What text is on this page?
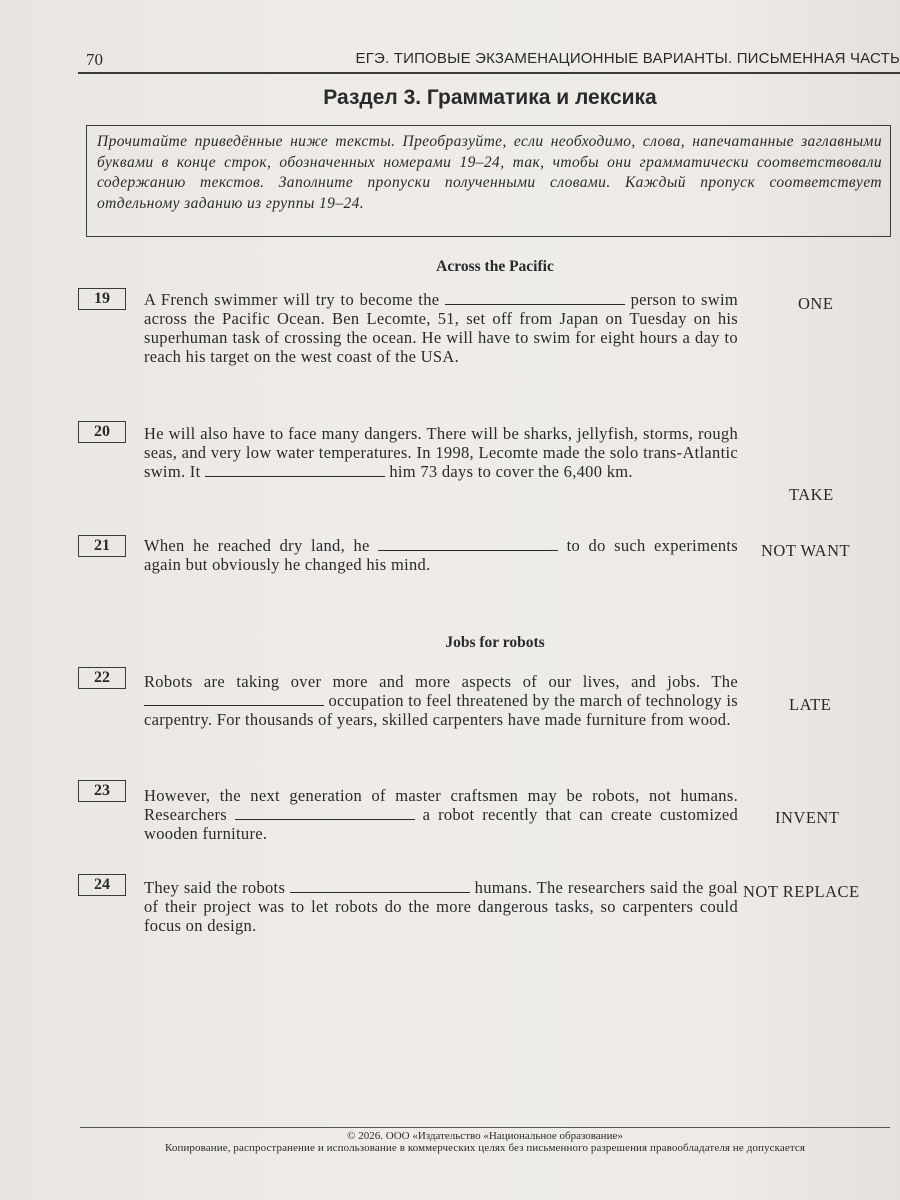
70	ЕГЭ. ТИПОВЫЕ ЭКЗАМЕНАЦИОННЫЕ ВАРИАНТЫ. ПИСЬМЕННАЯ ЧАСТЬ
Раздел 3. Грамматика и лексика
Прочитайте приведённые ниже тексты. Преобразуйте, если необходимо, слова, напечатанные заглавными буквами в конце строк, обозначенных номерами 19–24, так, чтобы они грамматически соответствовали содержанию текстов. Заполните пропуски полученными словами. Каждый пропуск соответствует отдельному заданию из группы 19–24.
Across the Pacific
19	A French swimmer will try to become the	person to swim across the Pacific Ocean. Ben Lecomte, 51, set off from Japan on Tuesday on his superhuman task of crossing the ocean. He will have to swim for eight hours a day to reach his target on the west coast of the USA.
ONE
20	He will also have to face many dangers. There will be sharks, jellyfish, storms, rough seas, and very low water temperatures. In 1998, Lecomte made the solo trans-Atlantic swim. It	him 73 days to cover the 6,400 km.
TAKE
21	When he reached dry land, he	to do such experiments again but obviously he changed his mind.
NOT WANT
Jobs for robots
22	Robots are taking over more and more aspects of our lives, and jobs. The  occupation to feel threatened by the march of technology is carpentry. For thousands of years, skilled carpenters have made furniture from wood.
LATE
23	However, the next generation of master craftsmen may be robots, not humans. Researchers	a robot recently that can create customized wooden furniture.
INVENT
24	They said the robots	humans. The researchers said the goal of their project was to let robots do the more dangerous tasks, so carpenters could focus on design.
NOT REPLACE
© 2026. ООО «Издательство «Национальное образование»
Копирование, распространение и использование в коммерческих целях без письменного разрешения правообладателя не допускается
